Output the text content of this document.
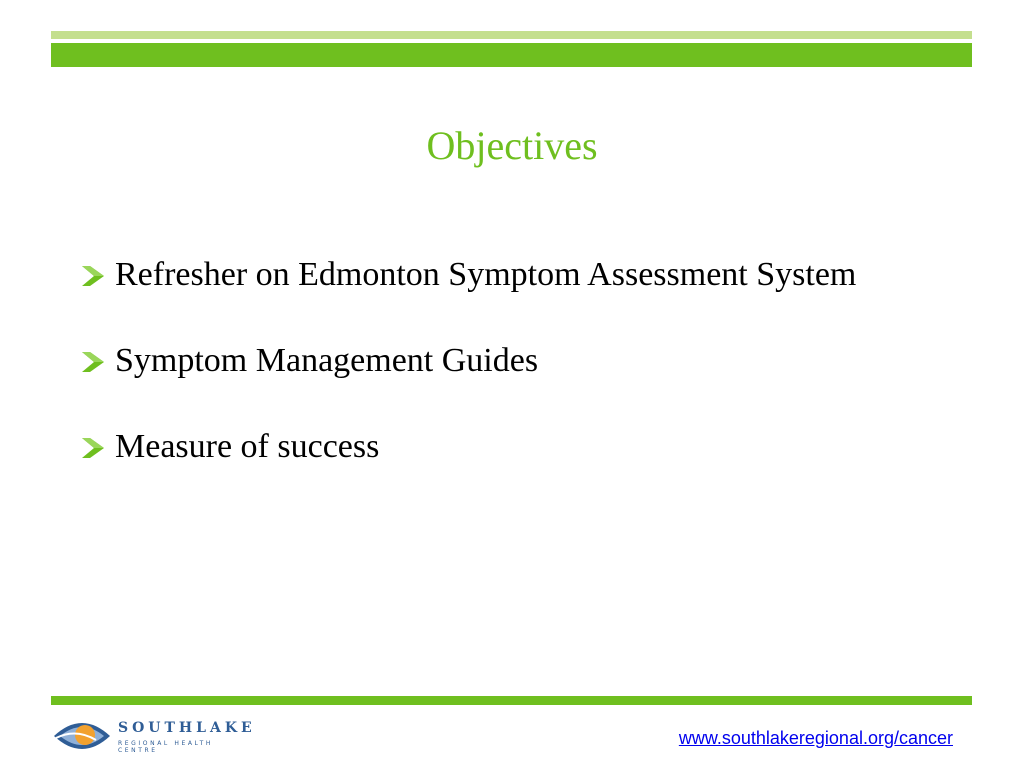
Objectives
Refresher on Edmonton Symptom Assessment System
Symptom Management Guides
Measure of success
SOUTHLAKE
REGIONAL HEALTH CENTRE
www.southlakeregional.org/cancer
